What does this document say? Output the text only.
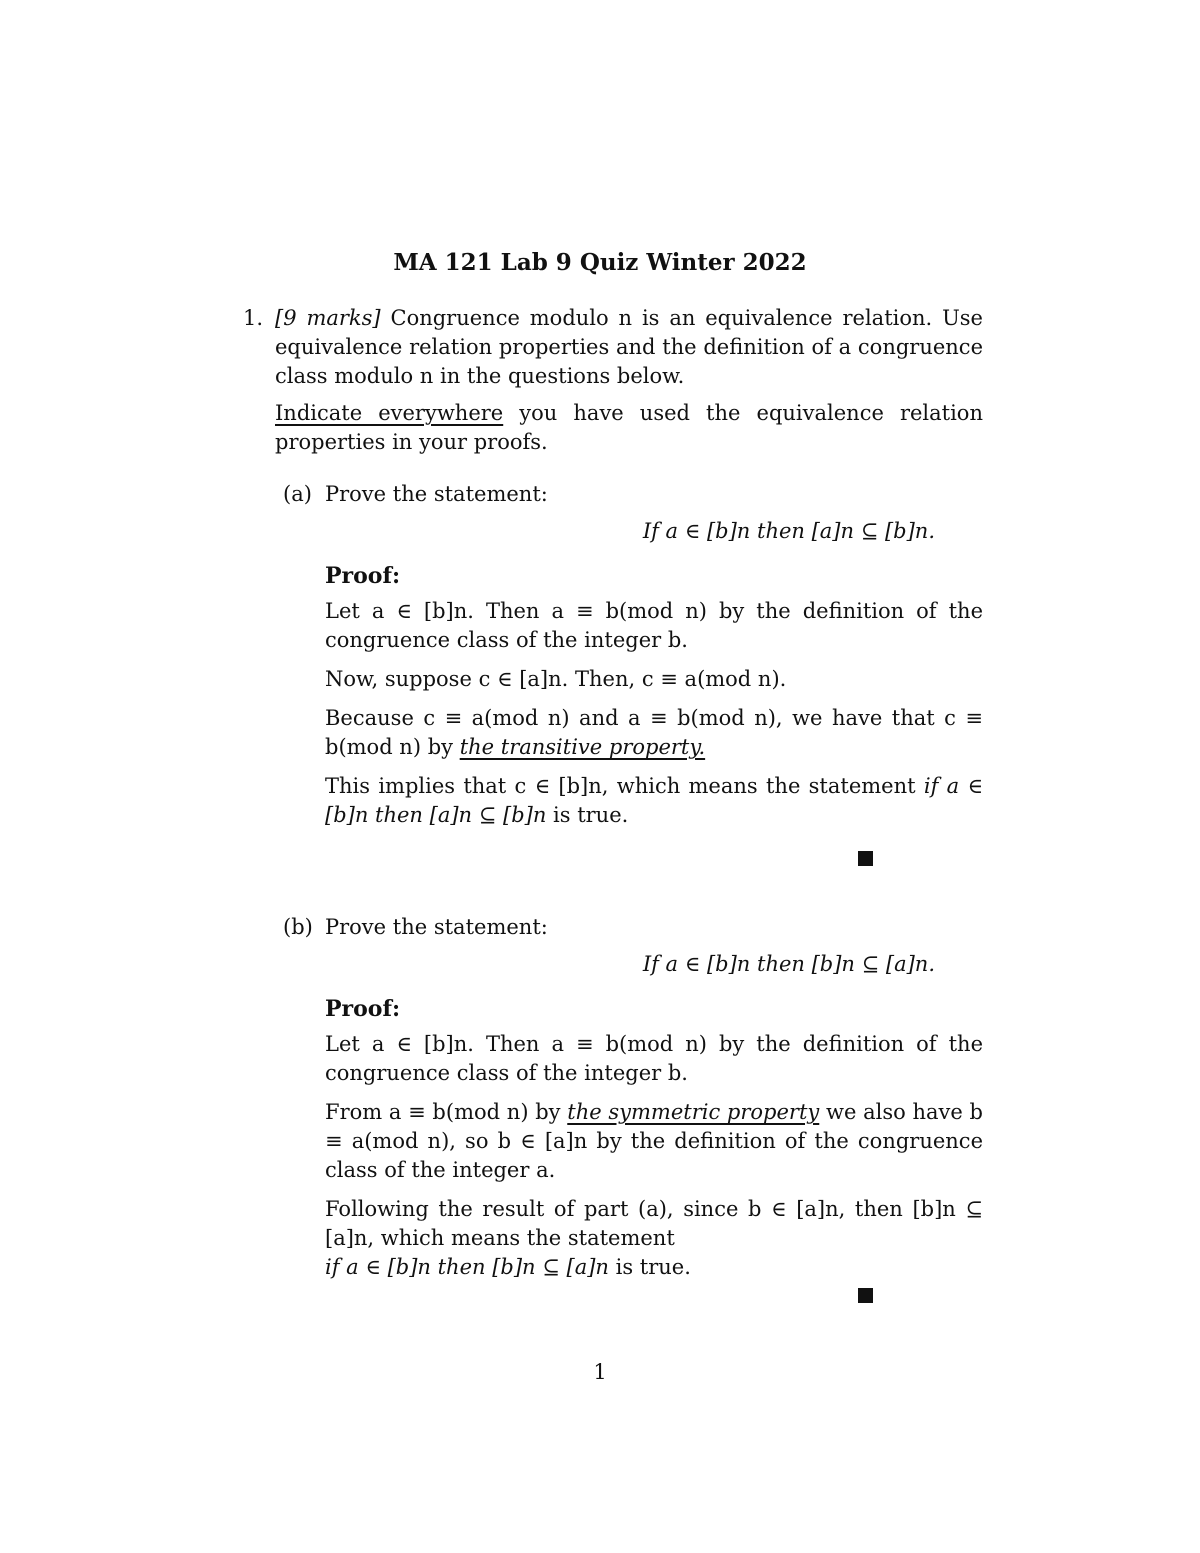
MA 121 Lab 9 Quiz Winter 2022
1. [9 marks] Congruence modulo n is an equivalence relation. Use equivalence relation properties and the definition of a congruence class modulo n in the questions below.

Indicate everywhere you have used the equivalence relation properties in your proofs.

(a) Prove the statement:
If a ∈ [b]n then [a]n ⊆ [b]n.
Proof:

Let a ∈ [b]n. Then a ≡ b(mod n) by the definition of the congruence class of the integer b.

Now, suppose c ∈ [a]n. Then, c ≡ a(mod n).

Because c ≡ a(mod n) and a ≡ b(mod n), we have that c ≡ b(mod n) by the transitive property.

This implies that c ∈ [b]n, which means the statement if a ∈ [b]n then [a]n ⊆ [b]n is true.

(b) Prove the statement:
If a ∈ [b]n then [b]n ⊆ [a]n.
Proof:

Let a ∈ [b]n. Then a ≡ b(mod n) by the definition of the congruence class of the integer b.

From a ≡ b(mod n) by the symmetric property we also have b ≡ a(mod n), so b ∈ [a]n by the definition of the congruence class of the integer a.

Following the result of part (a), since b ∈ [a]n, then [b]n ⊆ [a]n, which means the statement
if a ∈ [b]n then [b]n ⊆ [a]n is true.

1
